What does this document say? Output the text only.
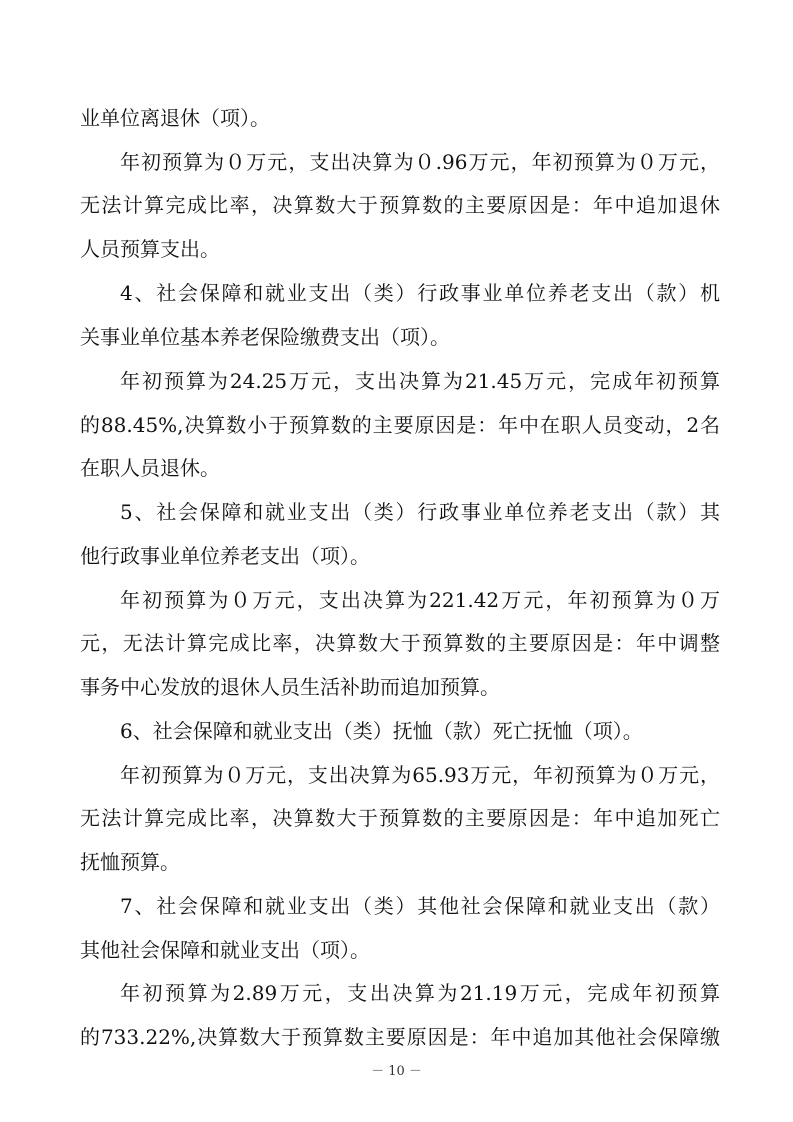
业单位离退休（项）。
年初预算为０万元，支出决算为０.96万元，年初预算为０万元，
无法计算完成比率，决算数大于预算数的主要原因是：年中追加退休
人员预算支出。
4、社会保障和就业支出（类）行政事业单位养老支出（款）机
关事业单位基本养老保险缴费支出（项）。
年初预算为24.25万元，支出决算为21.45万元，完成年初预算
的88.45%,决算数小于预算数的主要原因是：年中在职人员变动，2名
在职人员退休。
5、社会保障和就业支出（类）行政事业单位养老支出（款）其
他行政事业单位养老支出（项）。
年初预算为０万元，支出决算为221.42万元，年初预算为０万
元，无法计算完成比率，决算数大于预算数的主要原因是：年中调整
事务中心发放的退休人员生活补助而追加预算。
6、社会保障和就业支出（类）抚恤（款）死亡抚恤（项）。
年初预算为０万元，支出决算为65.93万元，年初预算为０万元，
无法计算完成比率，决算数大于预算数的主要原因是：年中追加死亡
抚恤预算。
7、社会保障和就业支出（类）其他社会保障和就业支出（款）
其他社会保障和就业支出（项）。
年初预算为2.89万元，支出决算为21.19万元，完成年初预算
的733.22%,决算数大于预算数主要原因是：年中追加其他社会保障缴
－ 10 －
